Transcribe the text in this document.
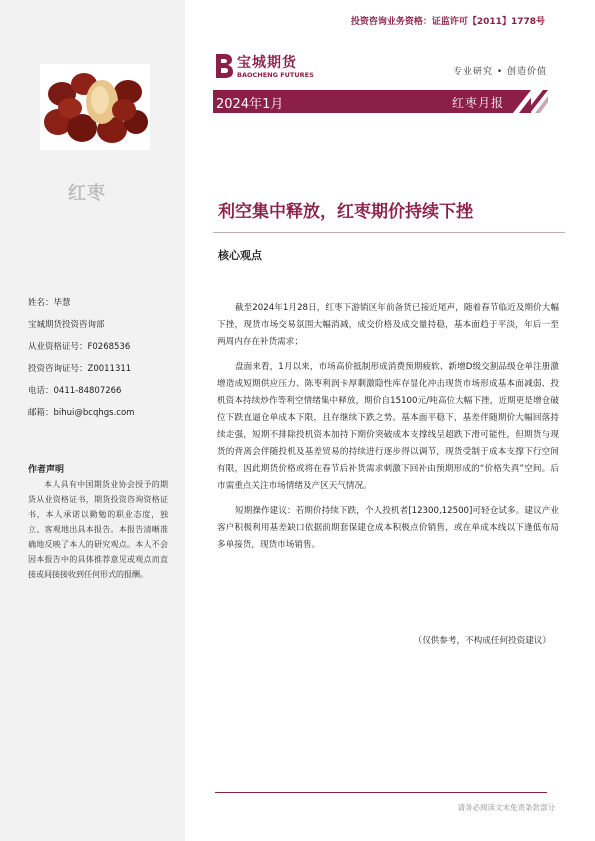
红枣
姓名：毕慧
宝城期货投资咨询部
从业资格证号：F0268536
投资咨询证号：Z0011311
电话：0411-84807266
邮箱：bihui@bcqhgs.com
作者声明
本人具有中国期货业协会授予的期货从业资格证书，期货投资咨询资格证书，本人承诺以勤勉的职业态度，独立、客观地出具本报告。本报告清晰准确地反映了本人的研究观点。本人不会因本报告中的具体推荐意见或观点而直接或间接接收到任何形式的报酬。
投资咨询业务资格：证监许可【2011】1778号
宝城期货
BAOCHENG FUTURES	专业研究 • 创造价值
2024年1月	红枣月报
利空集中释放，红枣期价持续下挫
核心观点

截至2024年1月28日，红枣下游销区年前备货已接近尾声，随着春节临近及期价大幅下挫，现货市场交易氛围大幅消减，成交价格及成交量持稳，基本面趋于平淡，年后一至两周内存在补货需求；

盘面来看，1月以来，市场高价抵制形成消费预期疲软、新增D级交割品级仓单注册激增造成短期供应压力、陈枣利润卡厚剩激隐性库存显化冲击现货市场形成基本面减弱、投机资本持续炒作等利空情绪集中释放，期价自15100元/吨高位大幅下挫，近期更是增仓破位下跌直逼仓单成本下限，且存继续下跌之势。基本面平稳下，基差伴随期价大幅回落持续走强，短期不排除投机资本加持下期价突破成本支撑线呈超跌下滑可能性，但期货与现货的背离会伴随投机及基差贸易的持续进行逐步得以调节，现货受制于成本支撑下行空间有限，因此期货价格或将在春节后补货需求刺激下回补由预期形成的“价格失真”空间。后市需重点关注市场情绪及产区天气情况。

短期操作建议：若期价持续下跌，个人投机者[12300,12500]可轻仓试多。建议产业客户积极利用基差缺口依据前期套保建仓成本积极点价销售，或在单成本线以下逢低布局多单接货，现货市场销售。

（仅供参考，不构成任何投资建议）
请务必阅读文末免责条款部分
